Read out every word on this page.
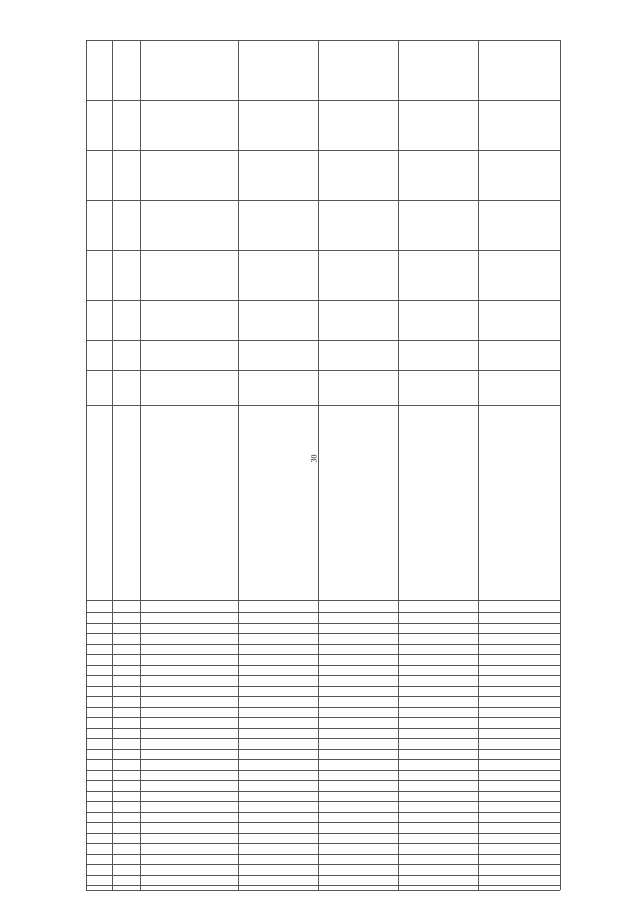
30
